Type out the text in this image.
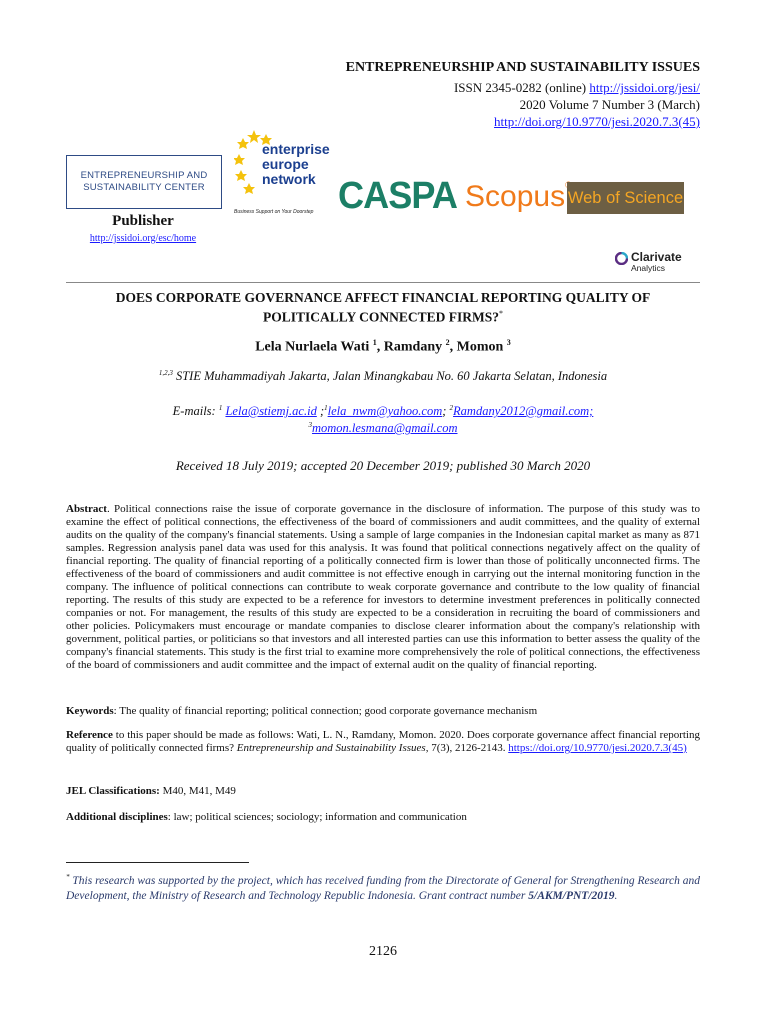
ENTREPRENEURSHIP AND SUSTAINABILITY ISSUES
ISSN 2345-0282 (online) http://jssidoi.org/jesi/
2020 Volume 7 Number 3 (March)
http://doi.org/10.9770/jesi.2020.7.3(45)
ENTREPRENEURSHIP AND
SUSTAINABILITY CENTER
Publisher
http://jssidoi.org/esc/home
enterprise
europe
network
Business Support on Your Doorstep CASPA Scopus Web of Science
Clarivate
Analytics
DOES CORPORATE GOVERNANCE AFFECT FINANCIAL REPORTING QUALITY OF
POLITICALLY CONNECTED FIRMS?*
Lela Nurlaela Wati $^1$, Ramdany $^2$, Momon $^3$
$^{1,2,3}$ STIE Muhammadiyah Jakarta, Jalan Minangkabau No. 60 Jakarta Selatan, Indonesia
E-mails: $^1$ Lela@stiemj.ac.id ;$^1$lela_nwm@yahoo.com; $^2$Ramdany2012@gmail.com;
$^3$momon.lesmana@gmail.com
Received 18 July 2019; accepted 20 December 2019; published 30 March 2020
Abstract. Political connections raise the issue of corporate governance in the disclosure of information. The purpose of this study was to examine the effect of political connections, the effectiveness of the board of commissioners and audit committees, and the quality of external audits on the quality of the company's financial statements. Using a sample of large companies in the Indonesian capital market as many as 871 samples. Regression analysis panel data was used for this analysis. It was found that political connections negatively affect on the quality of financial reporting. The quality of financial reporting of a politically connected firm is lower than those of politically unconnected firms. The effectiveness of the board of commissioners and audit committee is not effective enough in carrying out the internal monitoring function in the company. The influence of political connections can contribute to weak corporate governance and contribute to the low quality of financial reporting. The results of this study are expected to be a reference for investors to determine investment preferences in politically connected companies or not. For management, the results of this study are expected to be a consideration in recruiting the board of commissioners and other policies. Policymakers must encourage or mandate companies to disclose clearer information about the company's relationship with government, political parties, or politicians so that investors and all interested parties can use this information to better assess the quality of the company's financial statements. This study is the first trial to examine more comprehensively the role of political connections, the effectiveness of the board of commissioners and audit committee and the impact of external audit on the quality of financial reporting.
Keywords: The quality of financial reporting; political connection; good corporate governance mechanism
Reference to this paper should be made as follows: Wati, L. N., Ramdany, Momon. 2020. Does corporate governance affect financial reporting quality of politically connected firms? Entrepreneurship and Sustainability Issues, 7(3), 2126-2143. https://doi.org/10.9770/jesi.2020.7.3(45)
JEL Classifications: M40, M41, M49
Additional disciplines: law; political sciences; sociology; information and communication
* This research was supported by the project, which has received funding from the Directorate of General for Strengthening Research and Development, the Ministry of Research and Technology Republic Indonesia. Grant contract number 5/AKM/PNT/2019.
2126
